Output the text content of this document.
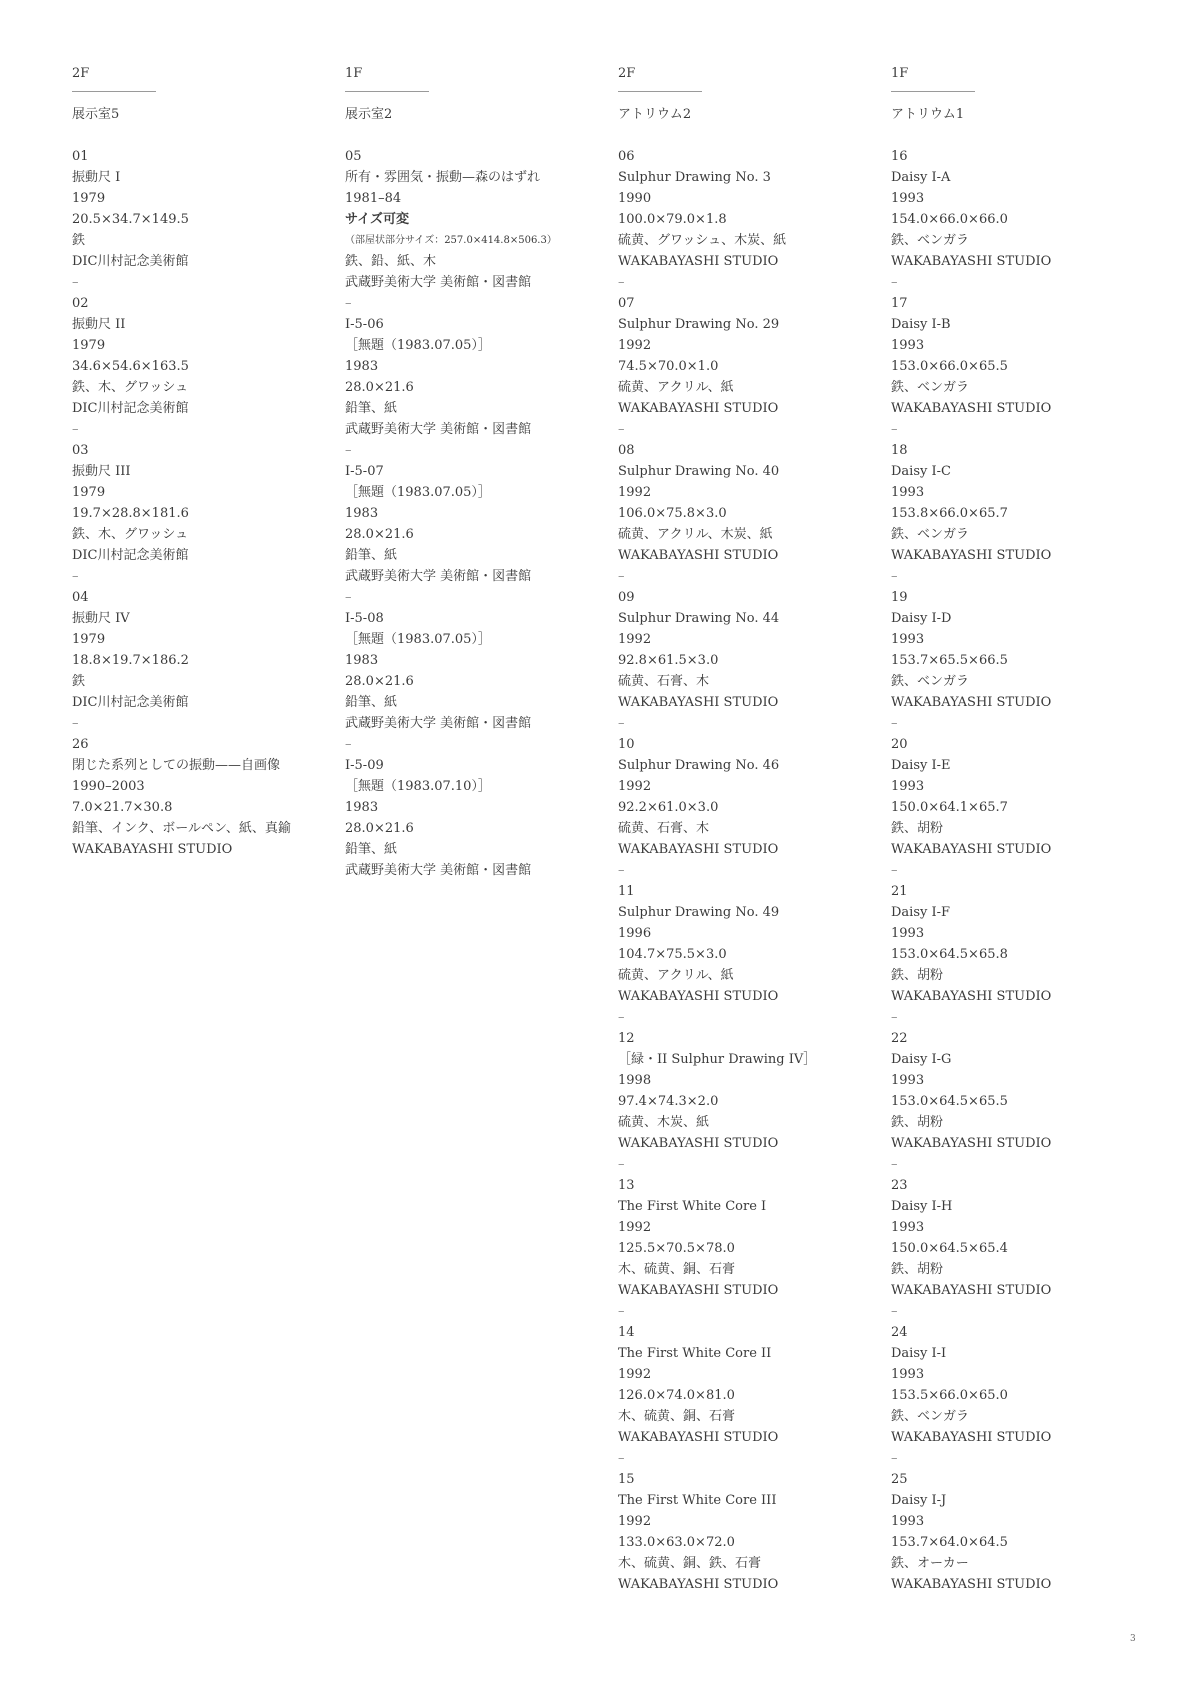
2F
展示室5
01
振動尺 I
1979
20.5×34.7×149.5
鉄
DIC川村記念美術館
–
02
振動尺 II
1979
34.6×54.6×163.5
鉄、木、グワッシュ
DIC川村記念美術館
–
03
振動尺 III
1979
19.7×28.8×181.6
鉄、木、グワッシュ
DIC川村記念美術館
–
04
振動尺 IV
1979
18.8×19.7×186.2
鉄
DIC川村記念美術館
–
26
閉じた系列としての振動——自画像
1990–2003
7.0×21.7×30.8
鉛筆、インク、ボールペン、紙、真鍮
WAKABAYASHI STUDIO
1F
展示室2
05
所有・雰囲気・振動—森のはずれ
1981–84
サイズ可変
（部屋状部分サイズ：257.0×414.8×506.3）
鉄、鉛、紙、木
武蔵野美術大学 美術館・図書館
–
I-5-06
［無題（1983.07.05）］
1983
28.0×21.6
鉛筆、紙
武蔵野美術大学 美術館・図書館
–
I-5-07
［無題（1983.07.05）］
1983
28.0×21.6
鉛筆、紙
武蔵野美術大学 美術館・図書館
–
I-5-08
［無題（1983.07.05）］
1983
28.0×21.6
鉛筆、紙
武蔵野美術大学 美術館・図書館
–
I-5-09
［無題（1983.07.10）］
1983
28.0×21.6
鉛筆、紙
武蔵野美術大学 美術館・図書館
2F
アトリウム2
06
Sulphur Drawing No. 3
1990
100.0×79.0×1.8
硫黄、グワッシュ、木炭、紙
WAKABAYASHI STUDIO
–
07
Sulphur Drawing No. 29
1992
74.5×70.0×1.0
硫黄、アクリル、紙
WAKABAYASHI STUDIO
–
08
Sulphur Drawing No. 40
1992
106.0×75.8×3.0
硫黄、アクリル、木炭、紙
WAKABAYASHI STUDIO
–
09
Sulphur Drawing No. 44
1992
92.8×61.5×3.0
硫黄、石膏、木
WAKABAYASHI STUDIO
–
10
Sulphur Drawing No. 46
1992
92.2×61.0×3.0
硫黄、石膏、木
WAKABAYASHI STUDIO
–
11
Sulphur Drawing No. 49
1996
104.7×75.5×3.0
硫黄、アクリル、紙
WAKABAYASHI STUDIO
–
12
［緑・II Sulphur Drawing IV］
1998
97.4×74.3×2.0
硫黄、木炭、紙
WAKABAYASHI STUDIO
–
13
The First White Core I
1992
125.5×70.5×78.0
木、硫黄、銅、石膏
WAKABAYASHI STUDIO
–
14
The First White Core II
1992
126.0×74.0×81.0
木、硫黄、銅、石膏
WAKABAYASHI STUDIO
–
15
The First White Core III
1992
133.0×63.0×72.0
木、硫黄、銅、鉄、石膏
WAKABAYASHI STUDIO
1F
アトリウム1
16
Daisy I-A
1993
154.0×66.0×66.0
鉄、ベンガラ
WAKABAYASHI STUDIO
–
17
Daisy I-B
1993
153.0×66.0×65.5
鉄、ベンガラ
WAKABAYASHI STUDIO
–
18
Daisy I-C
1993
153.8×66.0×65.7
鉄、ベンガラ
WAKABAYASHI STUDIO
–
19
Daisy I-D
1993
153.7×65.5×66.5
鉄、ベンガラ
WAKABAYASHI STUDIO
–
20
Daisy I-E
1993
150.0×64.1×65.7
鉄、胡粉
WAKABAYASHI STUDIO
–
21
Daisy I-F
1993
153.0×64.5×65.8
鉄、胡粉
WAKABAYASHI STUDIO
–
22
Daisy I-G
1993
153.0×64.5×65.5
鉄、胡粉
WAKABAYASHI STUDIO
–
23
Daisy I-H
1993
150.0×64.5×65.4
鉄、胡粉
WAKABAYASHI STUDIO
–
24
Daisy I-I
1993
153.5×66.0×65.0
鉄、ベンガラ
WAKABAYASHI STUDIO
–
25
Daisy I-J
1993
153.7×64.0×64.5
鉄、オーカー
WAKABAYASHI STUDIO
3
